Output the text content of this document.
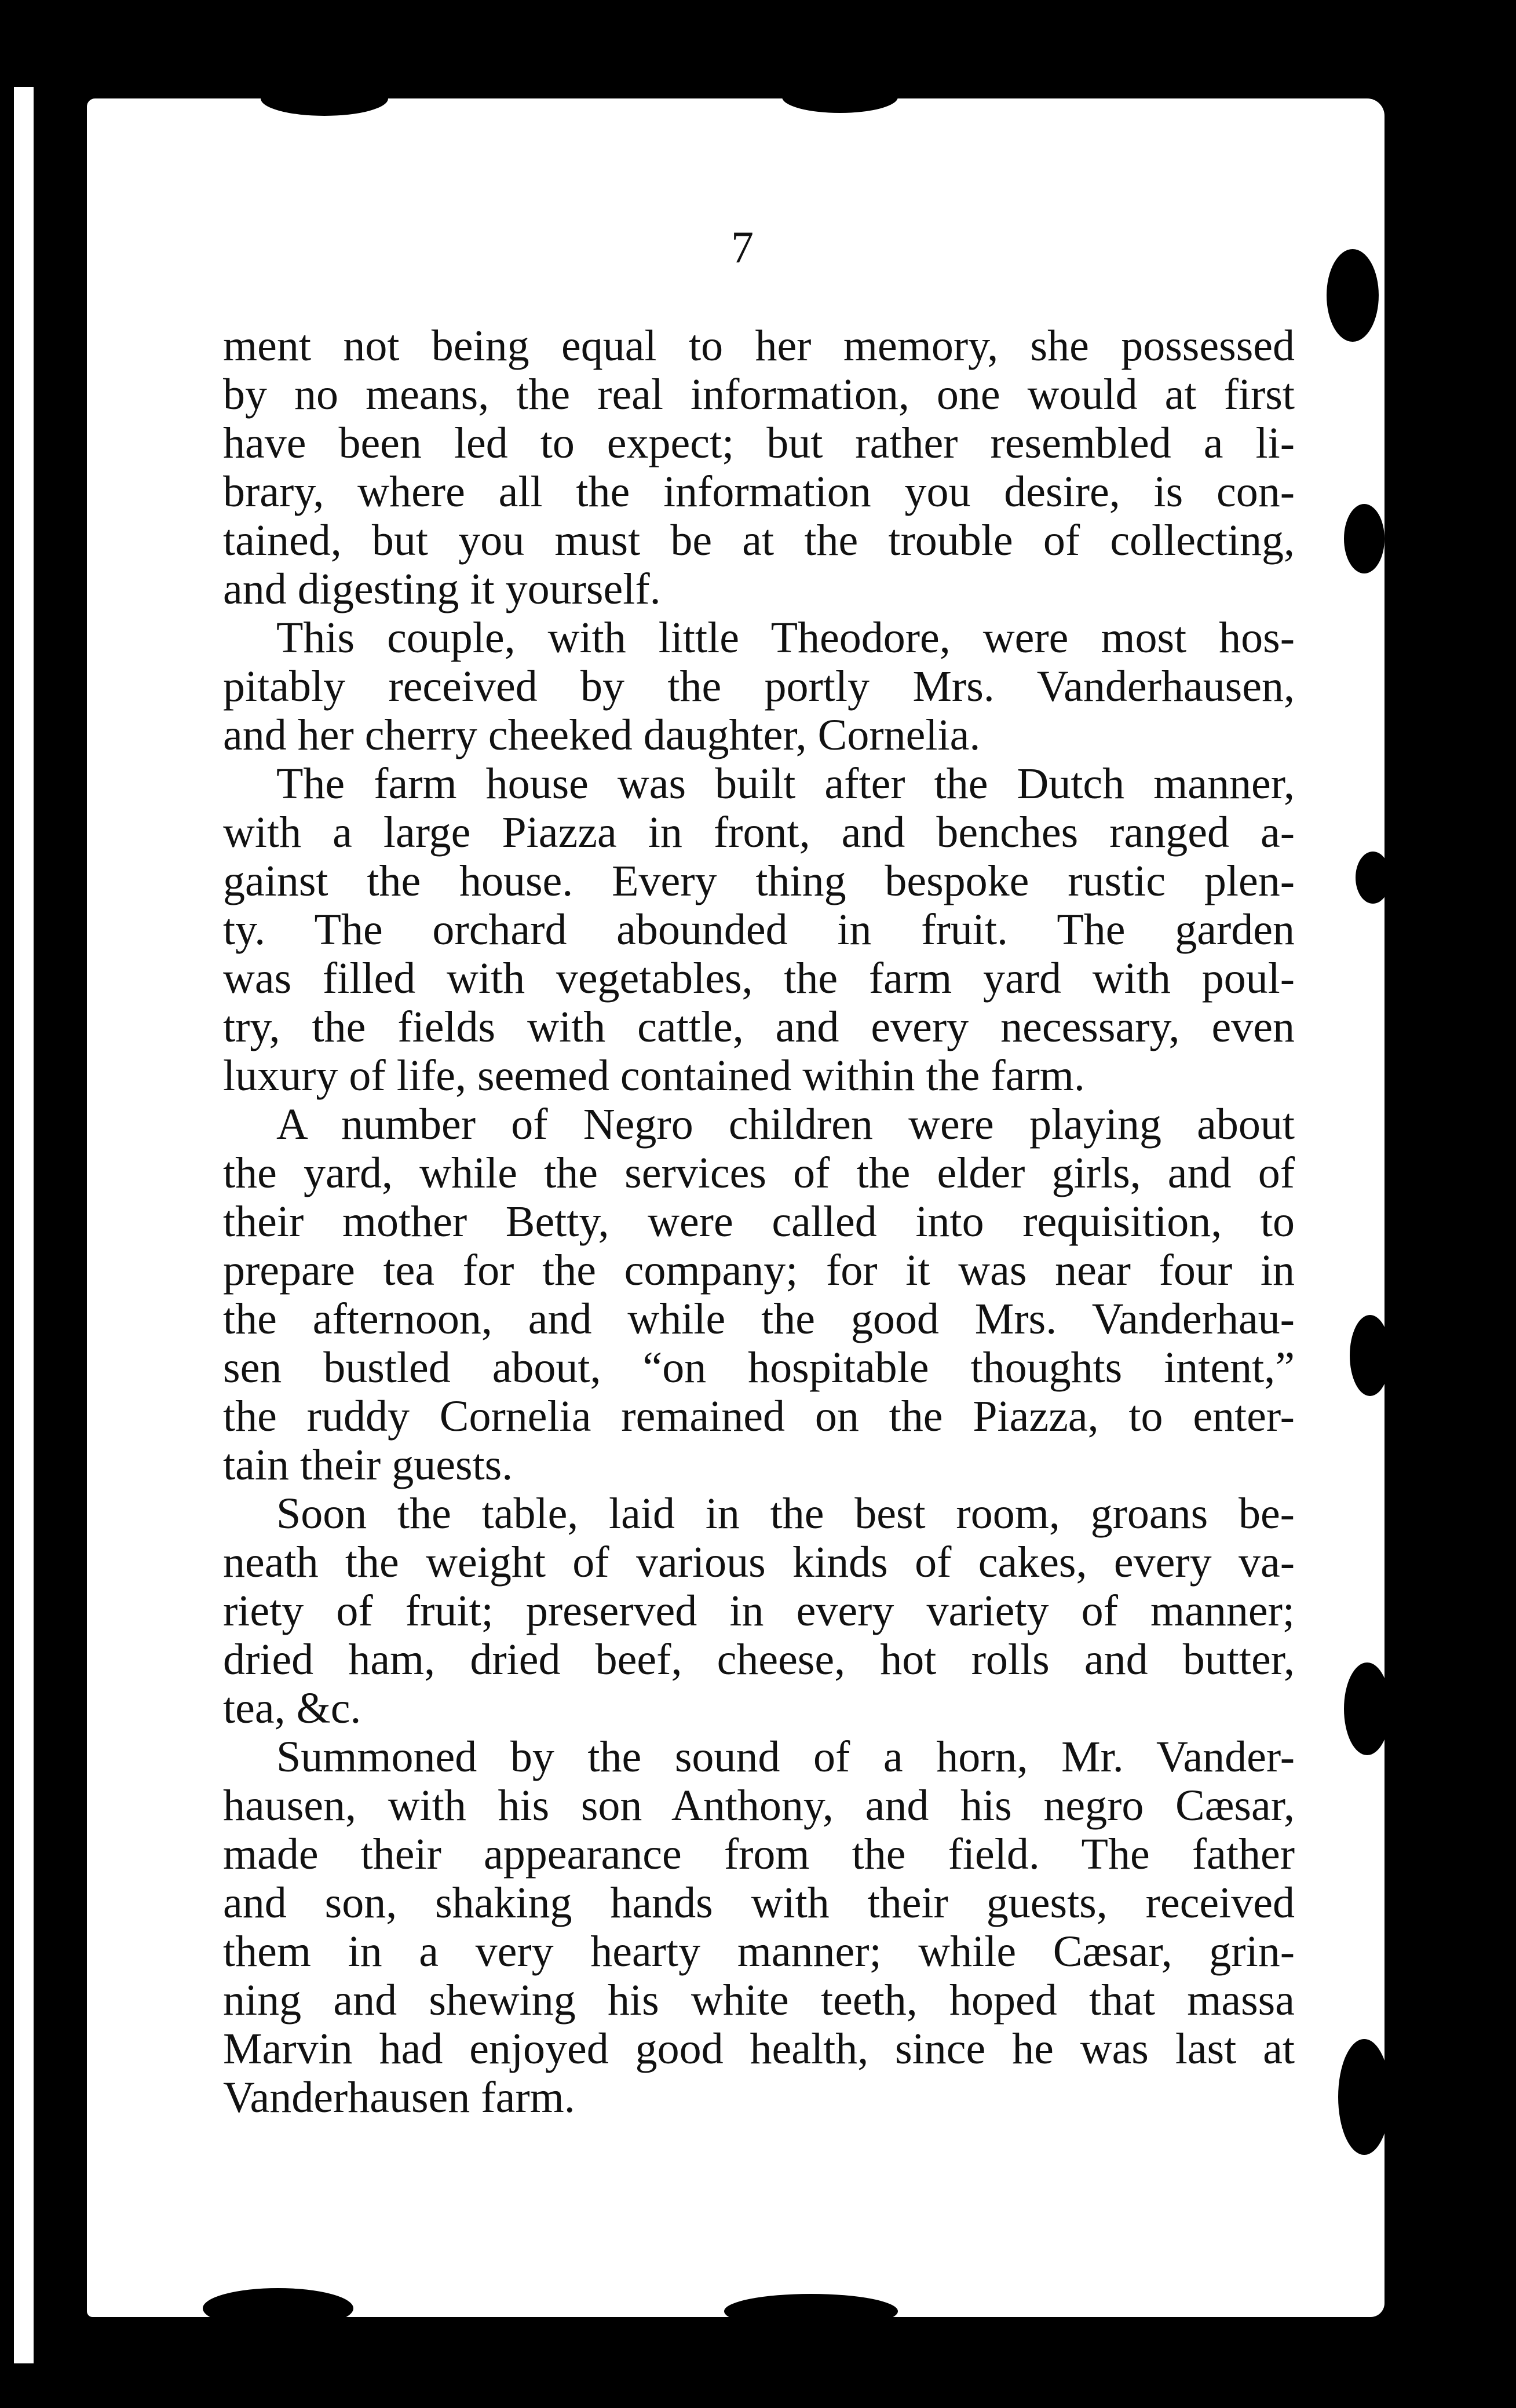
7
ment not being equal to her memory, she possessed
by no means, the real information, one would at first
have been led to expect; but rather resembled a li-
brary, where all the information you desire, is con-
tained, but you must be at the trouble of collecting,
and digesting it yourself.
This couple, with little Theodore, were most hos-
pitably received by the portly Mrs. Vanderhausen,
and her cherry cheeked daughter, Cornelia.
The farm house was built after the Dutch manner,
with a large Piazza in front, and benches ranged a-
gainst the house. Every thing bespoke rustic plen-
ty. The orchard abounded in fruit. The garden
was filled with vegetables, the farm yard with poul-
try, the fields with cattle, and every necessary, even
luxury of life, seemed contained within the farm.
A number of Negro children were playing about
the yard, while the services of the elder girls, and of
their mother Betty, were called into requisition, to
prepare tea for the company; for it was near four in
the afternoon, and while the good Mrs. Vanderhau-
sen bustled about, “on hospitable thoughts intent,”
the ruddy Cornelia remained on the Piazza, to enter-
tain their guests.
Soon the table, laid in the best room, groans be-
neath the weight of various kinds of cakes, every va-
riety of fruit; preserved in every variety of manner;
dried ham, dried beef, cheese, hot rolls and butter,
tea, &c.
Summoned by the sound of a horn, Mr. Vander-
hausen, with his son Anthony, and his negro Cæsar,
made their appearance from the field. The father
and son, shaking hands with their guests, received
them in a very hearty manner; while Cæsar, grin-
ning and shewing his white teeth, hoped that massa
Marvin had enjoyed good health, since he was last at
Vanderhausen farm.
